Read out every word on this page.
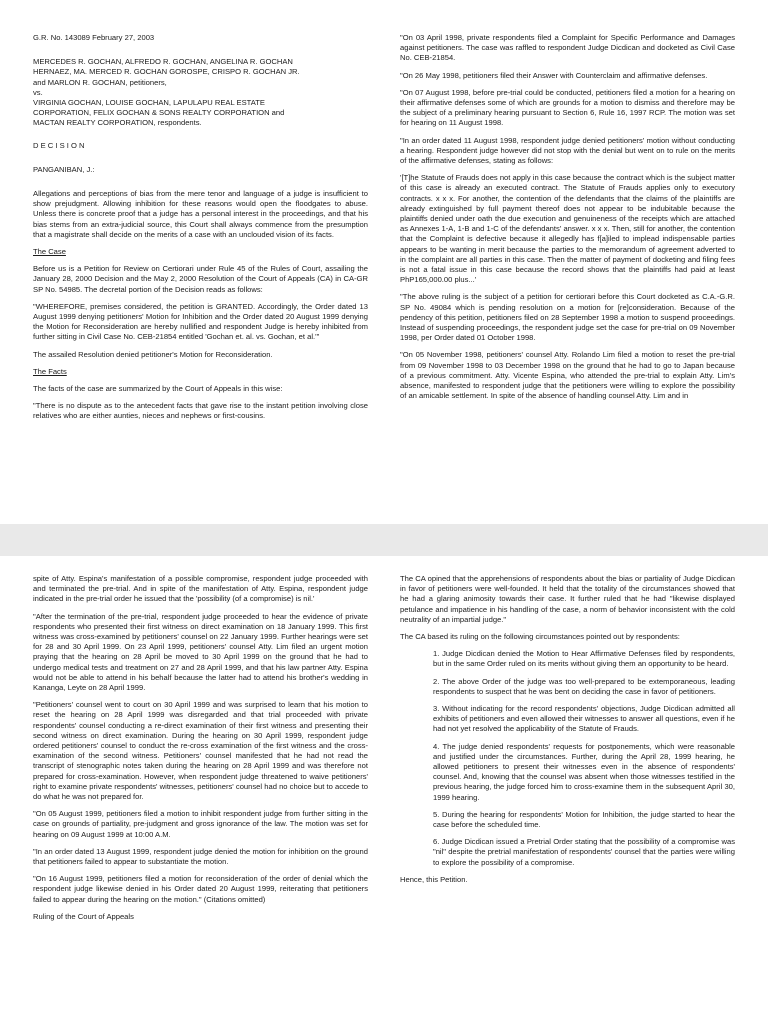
G.R. No. 143089 February 27, 2003

MERCEDES R. GOCHAN, ALFREDO R. GOCHAN, ANGELINA R. GOCHAN
HERNAEZ, MA. MERCED R. GOCHAN GOROSPE, CRISPO R. GOCHAN JR.
and MARLON R. GOCHAN, petitioners,
vs.
VIRGINIA GOCHAN, LOUISE GOCHAN, LAPULAPU REAL ESTATE
CORPORATION, FELIX GOCHAN & SONS REALTY CORPORATION and
MACTAN REALTY CORPORATION, respondents.

D E C I S I O N

PANGANIBAN, J.:

Allegations and perceptions of bias from the mere tenor and language of a judge is insufficient to show prejudgment. Allowing inhibition for these reasons would open the floodgates to abuse. Unless there is concrete proof that a judge has a personal interest in the proceedings, and that his bias stems from an extra-judicial source, this Court shall always commence from the presumption that a magistrate shall decide on the merits of a case with an unclouded vision of its facts.

The Case

Before us is a Petition for Review on Certiorari under Rule 45 of the Rules of Court, assailing the January 28, 2000 Decision and the May 2, 2000 Resolution of the Court of Appeals (CA) in CA-GR SP No. 54985. The decretal portion of the Decision reads as follows:

"WHEREFORE, premises considered, the petition is GRANTED. Accordingly, the Order dated 13 August 1999 denying petitioners' Motion for Inhibition and the Order dated 20 August 1999 denying the Motion for Reconsideration are hereby nullified and respondent Judge is hereby inhibited from further sitting in Civil Case No. CEB-21854 entitled 'Gochan et. al. vs. Gochan, et al.'"

The assailed Resolution denied petitioner's Motion for Reconsideration.

The Facts

The facts of the case are summarized by the Court of Appeals in this wise:

"There is no dispute as to the antecedent facts that gave rise to the instant petition involving close relatives who are either aunties, nieces and nephews or first-cousins.

"On 03 April 1998, private respondents filed a Complaint for Specific Performance and Damages against petitioners. The case was raffled to respondent Judge Dicdican and docketed as Civil Case No. CEB-21854.

"On 26 May 1998, petitioners filed their Answer with Counterclaim and affirmative defenses.

"On 07 August 1998, before pre-trial could be conducted, petitioners filed a motion for a hearing on their affirmative defenses some of which are grounds for a motion to dismiss and therefore may be the subject of a preliminary hearing pursuant to Section 6, Rule 16, 1997 RCP. The motion was set for hearing on 11 August 1998.

"In an order dated 11 August 1998, respondent judge denied petitioners' motion without conducting a hearing. Respondent judge however did not stop with the denial but went on to rule on the merits of the affirmative defenses, stating as follows:

'[T]he Statute of Frauds does not apply in this case because the contract which is the subject matter of this case is already an executed contract. The Statute of Frauds applies only to executory contracts. x x x. For another, the contention of the defendants that the claims of the plaintiffs are already extinguished by full payment thereof does not appear to be indubitable because the plaintiffs denied under oath the due execution and genuineness of the receipts which are attached as Annexes 1-A, 1-B and 1-C of the defendants' answer. x x x. Then, still for another, the contention that the Complaint is defective because it allegedly has f[a]iled to implead indispensable parties appears to be wanting in merit because the parties to the memorandum of agreement adverted to in the complaint are all parties in this case. Then the matter of payment of docketing and filing fees is not a fatal issue in this case because the record shows that the plaintiffs had paid at least PhP165,000.00 plus...'

"The above ruling is the subject of a petition for certiorari before this Court docketed as C.A.-G.R. SP No. 49084 which is pending resolution on a motion for [re]consideration. Because of the pendency of this petition, petitioners filed on 28 September 1998 a motion to suspend proceedings. Instead of suspending proceedings, the respondent judge set the case for pre-trial on 09 November 1998, per Order dated 01 October 1998.

"On 05 November 1998, petitioners' counsel Atty. Rolando Lim filed a motion to reset the pre-trial from 09 November 1998 to 03 December 1998 on the ground that he had to go to Japan because of a previous commitment. Atty. Vicente Espina, who attended the pre-trial to explain Atty. Lim's absence, manifested to respondent judge that the petitioners were willing to explore the possibility of an amicable settlement. In spite of the absence of handling counsel Atty. Lim and in

spite of Atty. Espina's manifestation of a possible compromise, respondent judge proceeded with and terminated the pre-trial. And in spite of the manifestation of Atty. Espina, respondent judge indicated in the pre-trial order he issued that the 'possibility (of a compromise) is nil.'

"After the termination of the pre-trial, respondent judge proceeded to hear the evidence of private respondents who presented their first witness on direct examination on 18 January 1999. This first witness was cross-examined by petitioners' counsel on 22 January 1999. Further hearings were set for 28 and 30 April 1999. On 23 April 1999, petitioners' counsel Atty. Lim filed an urgent motion praying that the hearing on 28 April be moved to 30 April 1999 on the ground that he had to undergo medical tests and treatment on 27 and 28 April 1999, and that his law partner Atty. Espina would not be able to attend in his behalf because the latter had to attend his brother's wedding in Kananga, Leyte on 28 April 1999.

"Petitioners' counsel went to court on 30 April 1999 and was surprised to learn that his motion to reset the hearing on 28 April 1999 was disregarded and that trial proceeded with private respondents' counsel conducting a re-direct examination of their first witness and presenting their second witness on direct examination. During the hearing on 30 April 1999, respondent judge ordered petitioners' counsel to conduct the re-cross examination of the first witness and the cross-examination of the second witness. Petitioners' counsel manifested that he had not read the transcript of stenographic notes taken during the hearing on 28 April 1999 and was therefore not prepared for cross-examination. However, when respondent judge threatened to waive petitioners' right to examine private respondents' witnesses, petitioners' counsel had no choice but to accede to do what he was not prepared for.

"On 05 August 1999, petitioners filed a motion to inhibit respondent judge from further sitting in the case on grounds of partiality, pre-judgment and gross ignorance of the law. The motion was set for hearing on 09 August 1999 at 10:00 A.M.

"In an order dated 13 August 1999, respondent judge denied the motion for inhibition on the ground that petitioners failed to appear to substantiate the motion.

"On 16 August 1999, petitioners filed a motion for reconsideration of the order of denial which the respondent judge likewise denied in his Order dated 20 August 1999, reiterating that petitioners failed to appear during the hearing on the motion." (Citations omitted)

Ruling of the Court of Appeals

The CA opined that the apprehensions of respondents about the bias or partiality of Judge Dicdican in favor of petitioners were well-founded. It held that the totality of the circumstances showed that he had a glaring animosity towards their case. It further ruled that he had "likewise displayed petulance and impatience in his handling of the case, a norm of behavior inconsistent with the cold neutrality of an impartial judge."

The CA based its ruling on the following circumstances pointed out by respondents:

1. Judge Dicdican denied the Motion to Hear Affirmative Defenses filed by respondents, but in the same Order ruled on its merits without giving them an opportunity to be heard.

2. The above Order of the judge was too well-prepared to be extemporaneous, leading respondents to suspect that he was bent on deciding the case in favor of petitioners.

3. Without indicating for the record respondents' objections, Judge Dicdican admitted all exhibits of petitioners and even allowed their witnesses to answer all questions, even if he had not yet resolved the applicability of the Statute of Frauds.

4. The judge denied respondents' requests for postponements, which were reasonable and justified under the circumstances. Further, during the April 28, 1999 hearing, he allowed petitioners to present their witnesses even in the absence of respondents' counsel. And, knowing that the counsel was absent when those witnesses testified in the previous hearing, the judge forced him to cross-examine them in the subsequent April 30, 1999 hearing.

5. During the hearing for respondents' Motion for Inhibition, the judge started to hear the case before the scheduled time.

6. Judge Dicdican issued a Pretrial Order stating that the possibility of a compromise was "nil" despite the pretrial manifestation of respondents' counsel that the parties were willing to explore the possibility of a compromise.

Hence, this Petition.
